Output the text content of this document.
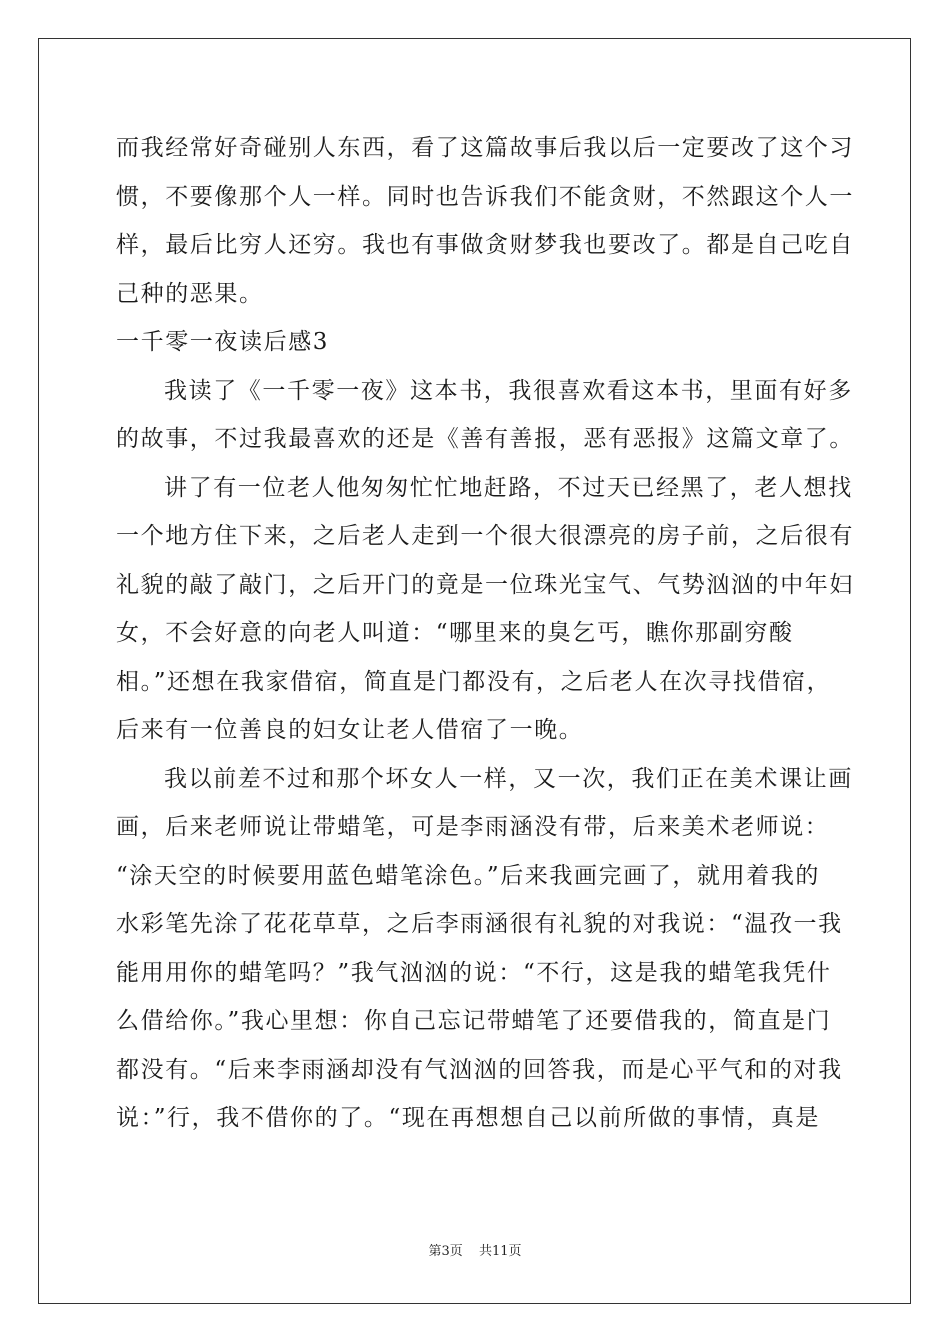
而我经常好奇碰别人东西，看了这篇故事后我以后一定要改了这个习

惯，不要像那个人一样。同时也告诉我们不能贪财，不然跟这个人一

样，最后比穷人还穷。我也有事做贪财梦我也要改了。都是自己吃自

己种的恶果。

一千零一夜读后感3

我读了《一千零一夜》这本书，我很喜欢看这本书，里面有好多

的故事，不过我最喜欢的还是《善有善报，恶有恶报》这篇文章了。

讲了有一位老人他匆匆忙忙地赶路，不过天已经黑了，老人想找

一个地方住下来，之后老人走到一个很大很漂亮的房子前，之后很有

礼貌的敲了敲门，之后开门的竟是一位珠光宝气、气势汹汹的中年妇

女，不会好意的向老人叫道：“哪里来的臭乞丐，瞧你那副穷酸

相。”还想在我家借宿，简直是门都没有，之后老人在次寻找借宿，

后来有一位善良的妇女让老人借宿了一晚。

我以前差不过和那个坏女人一样，又一次，我们正在美术课让画

画，后来老师说让带蜡笔，可是李雨涵没有带，后来美术老师说：

“涂天空的时候要用蓝色蜡笔涂色。”后来我画完画了，就用着我的

水彩笔先涂了花花草草，之后李雨涵很有礼貌的对我说：“温孜一我

能用用你的蜡笔吗？”我气汹汹的说：“不行，这是我的蜡笔我凭什

么借给你。”我心里想：你自己忘记带蜡笔了还要借我的，简直是门

都没有。“后来李雨涵却没有气汹汹的回答我，而是心平气和的对我

说：”行，我不借你的了。“现在再想想自己以前所做的事情，真是

第3页 共11页
